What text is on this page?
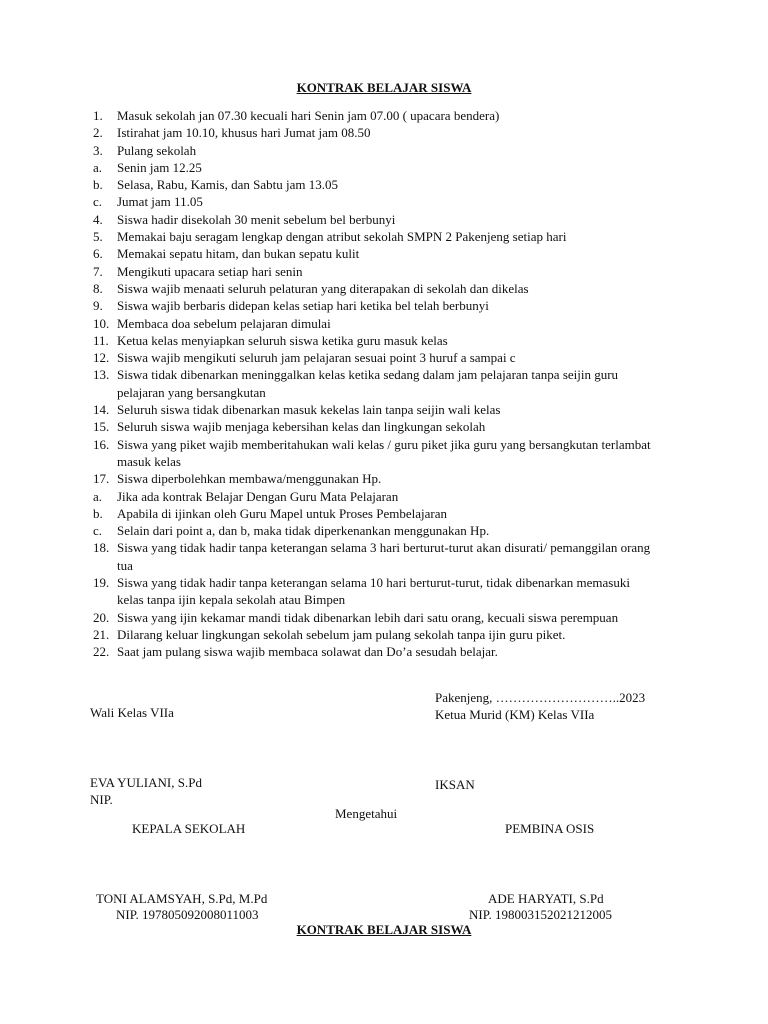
KONTRAK BELAJAR SISWA
1.	Masuk sekolah jan 07.30 kecuali hari Senin jam 07.00 ( upacara bendera)
2.	Istirahat jam 10.10, khusus hari Jumat jam 08.50
3.	Pulang sekolah
a.	Senin jam 12.25
b.	Selasa, Rabu, Kamis, dan Sabtu jam 13.05
c.	Jumat jam 11.05
4.	Siswa hadir disekolah 30 menit sebelum bel berbunyi
5.	Memakai baju seragam lengkap dengan atribut sekolah SMPN 2 Pakenjeng setiap hari
6.	Memakai sepatu hitam, dan bukan sepatu kulit
7.	Mengikuti upacara setiap hari senin
8.	Siswa wajib menaati seluruh pelaturan yang diterapakan di sekolah dan dikelas
9.	Siswa wajib berbaris didepan kelas setiap hari ketika bel telah berbunyi
10. Membaca doa sebelum pelajaran dimulai
11. Ketua kelas menyiapkan seluruh siswa ketika guru masuk kelas
12. Siswa wajib mengikuti seluruh jam pelajaran sesuai point 3 huruf a sampai c
13. Siswa tidak dibenarkan meninggalkan kelas ketika sedang dalam jam pelajaran tanpa seijin guru pelajaran yang bersangkutan
14. Seluruh siswa tidak dibenarkan masuk kekelas lain tanpa seijin wali kelas
15. Seluruh siswa wajib menjaga kebersihan kelas dan lingkungan sekolah
16. Siswa yang piket wajib memberitahukan wali kelas / guru piket jika guru yang bersangkutan terlambat masuk kelas
17. Siswa diperbolehkan membawa/menggunakan Hp.
a.	Jika ada kontrak Belajar Dengan Guru Mata Pelajaran
b.	Apabila di ijinkan oleh Guru Mapel untuk Proses Pembelajaran
c.	Selain dari point a, dan b, maka tidak diperkenankan menggunakan Hp.
18. Siswa yang tidak hadir tanpa keterangan selama 3 hari berturut-turut akan disurati/ pemanggilan orang tua
19. Siswa yang tidak hadir tanpa keterangan selama 10 hari berturut-turut, tidak dibenarkan memasuki kelas tanpa ijin kepala sekolah atau Bimpen
20. Siswa yang ijin kekamar mandi tidak dibenarkan lebih dari satu orang, kecuali siswa perempuan
21. Dilarang keluar lingkungan sekolah sebelum jam pulang sekolah tanpa ijin guru piket.
22. Saat jam pulang siswa wajib membaca solawat dan Do’a sesudah belajar.
Pakenjeng, ………………………..2023
Wali Kelas VIIa	Ketua Murid (KM) Kelas VIIa
EVA YULIANI, S.Pd
NIP.
IKSAN
Mengetahui
KEPALA SEKOLAH	PEMBINA OSIS
TONI ALAMSYAH, S.Pd, M.Pd
NIP. 197805092008011003
ADE HARYATI, S.Pd
NIP. 198003152021212005
KONTRAK BELAJAR SISWA
